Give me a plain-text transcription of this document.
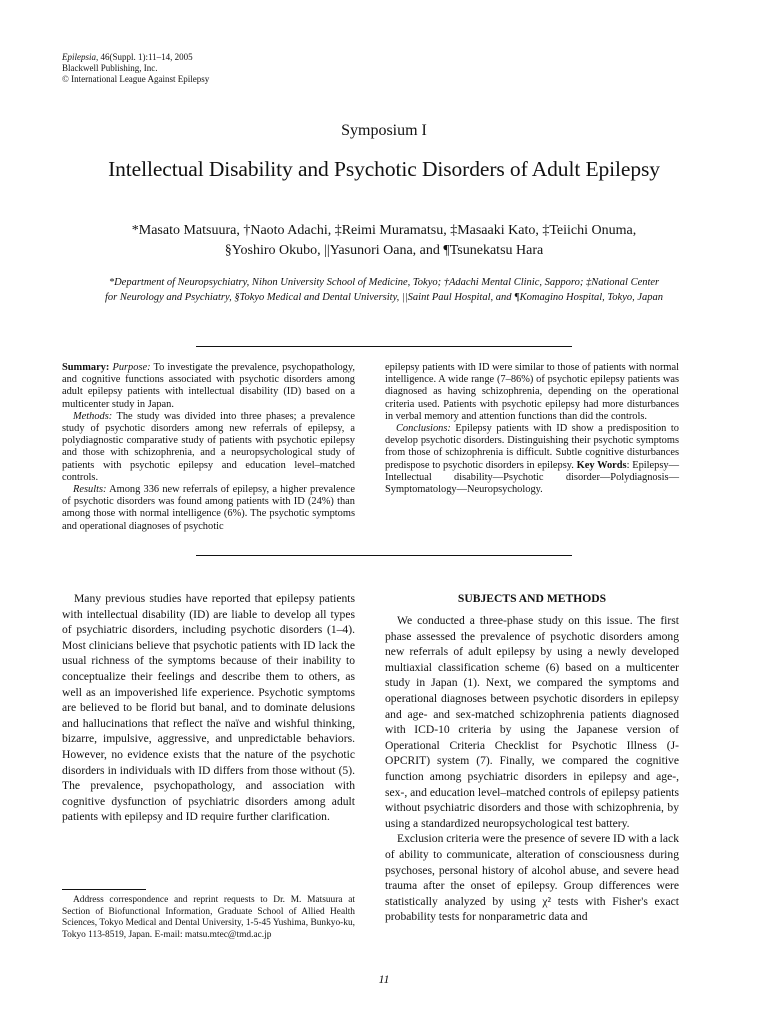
Epilepsia, 46(Suppl. 1):11–14, 2005
Blackwell Publishing, Inc.
© International League Against Epilepsy
Symposium I
Intellectual Disability and Psychotic Disorders of Adult Epilepsy
*Masato Matsuura, †Naoto Adachi, ‡Reimi Muramatsu, ‡Masaaki Kato, ‡Teiichi Onuma,
§Yoshiro Okubo, ||Yasunori Oana, and ¶Tsunekatsu Hara
*Department of Neuropsychiatry, Nihon University School of Medicine, Tokyo; †Adachi Mental Clinic, Sapporo; ‡National Center
for Neurology and Psychiatry, §Tokyo Medical and Dental University, ||Saint Paul Hospital, and ¶Komagino Hospital, Tokyo, Japan

Summary: Purpose: To investigate the prevalence, psychopathology, and cognitive functions associated with psychotic disorders among adult epilepsy patients with intellectual disability (ID) based on a multicenter study in Japan.

Methods: The study was divided into three phases; a prevalence study of psychotic disorders among new referrals of epilepsy, a polydiagnostic comparative study of patients with psychotic epilepsy and those with schizophrenia, and a neuropsychological study of patients with psychotic epilepsy and education level–matched controls.

Results: Among 336 new referrals of epilepsy, a higher prevalence of psychotic disorders was found among patients with ID (24%) than among those with normal intelligence (6%). The psychotic symptoms and operational diagnoses of psychotic

epilepsy patients with ID were similar to those of patients with normal intelligence. A wide range (7–86%) of psychotic epilepsy patients was diagnosed as having schizophrenia, depending on the operational criteria used. Patients with psychotic epilepsy had more disturbances in verbal memory and attention functions than did the controls.

Conclusions: Epilepsy patients with ID show a predisposition to develop psychotic disorders. Distinguishing their psychotic symptoms from those of schizophrenia is difficult. Subtle cognitive disturbances predispose to psychotic disorders in epilepsy. Key Words: Epilepsy—Intellectual disability—Psychotic disorder—Polydiagnosis—Symptomatology—Neuropsychology.

Many previous studies have reported that epilepsy patients with intellectual disability (ID) are liable to develop all types of psychiatric disorders, including psychotic disorders (1–4). Most clinicians believe that psychotic patients with ID lack the usual richness of the symptoms because of their inability to conceptualize their feelings and describe them to others, as well as an impoverished life experience. Psychotic symptoms are believed to be florid but banal, and to dominate delusions and hallucinations that reflect the naïve and wishful thinking, bizarre, impulsive, aggressive, and unpredictable behaviors. However, no evidence exists that the nature of the psychotic disorders in individuals with ID differs from those without (5). The prevalence, psychopathology, and association with cognitive dysfunction of psychiatric disorders among adult patients with epilepsy and ID require further clarification.

SUBJECTS AND METHODS

We conducted a three-phase study on this issue. The first phase assessed the prevalence of psychotic disorders among new referrals of adult epilepsy by using a newly developed multiaxial classification scheme (6) based on a multicenter study in Japan (1). Next, we compared the symptoms and operational diagnoses between psychotic disorders in epilepsy and age- and sex-matched schizophrenia patients diagnosed with ICD-10 criteria by using the Japanese version of Operational Criteria Checklist for Psychotic Illness (J-OPCRIT) system (7). Finally, we compared the cognitive function among psychiatric disorders in epilepsy and age-, sex-, and education level–matched controls of epilepsy patients without psychiatric disorders and those with schizophrenia, by using a standardized neuropsychological test battery.

Exclusion criteria were the presence of severe ID with a lack of ability to communicate, alteration of consciousness during psychoses, personal history of alcohol abuse, and severe head trauma after the onset of epilepsy. Group differences were statistically analyzed by using χ² tests with Fisher's exact probability tests for nonparametric data and

Address correspondence and reprint requests to Dr. M. Matsuura at Section of Biofunctional Information, Graduate School of Allied Health Sciences, Tokyo Medical and Dental University, 1-5-45 Yushima, Bunkyo-ku, Tokyo 113-8519, Japan. E-mail: matsu.mtec@tmd.ac.jp
11
